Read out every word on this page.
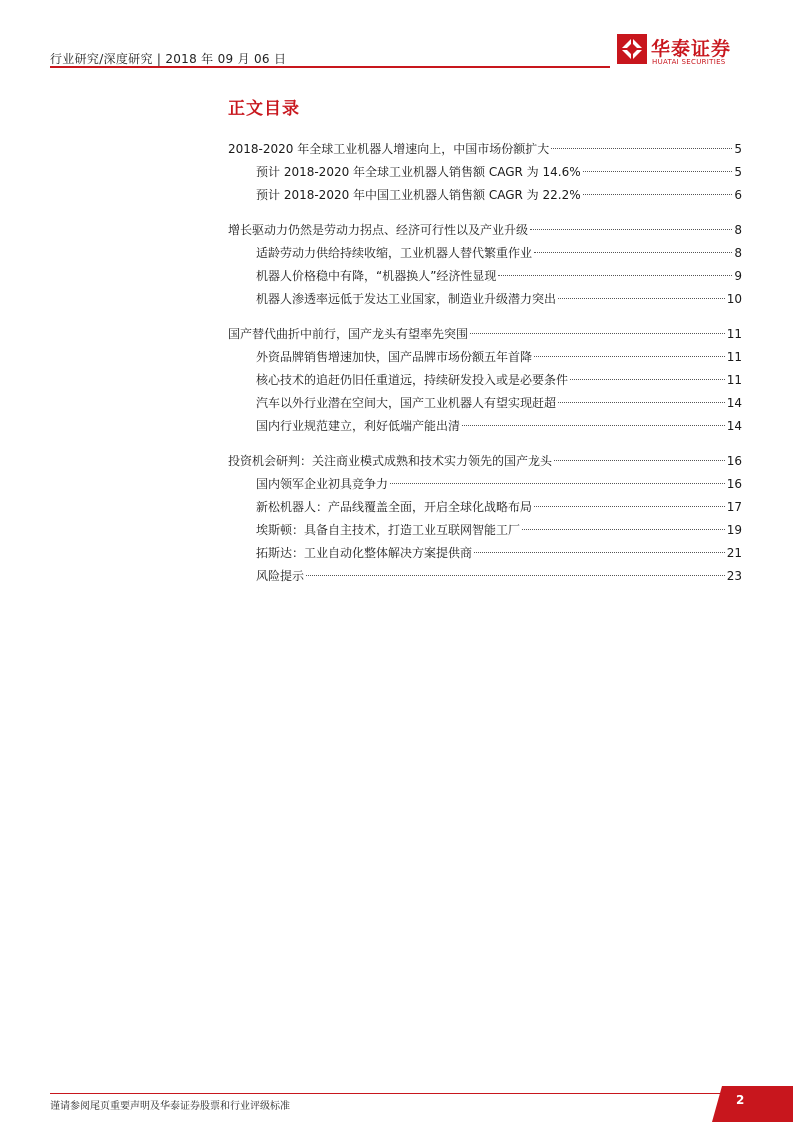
行业研究/深度研究 | 2018 年 09 月 06 日	华泰证券
HUATAI SECURITIES
正文目录
2018-2020 年全球工业机器人增速向上，中国市场份额扩大	5
预计 2018-2020 年全球工业机器人销售额 CAGR 为 14.6%	5
预计 2018-2020 年中国工业机器人销售额 CAGR 为 22.2%	6
增长驱动力仍然是劳动力拐点、经济可行性以及产业升级	8
适龄劳动力供给持续收缩，工业机器人替代繁重作业	8
机器人价格稳中有降，“机器换人”经济性显现	9
机器人渗透率远低于发达工业国家，制造业升级潜力突出	10
国产替代曲折中前行，国产龙头有望率先突围	11
外资品牌销售增速加快，国产品牌市场份额五年首降	11
核心技术的追赶仍旧任重道远，持续研发投入或是必要条件	11
汽车以外行业潜在空间大，国产工业机器人有望实现赶超	14
国内行业规范建立，利好低端产能出清	14
投资机会研判：关注商业模式成熟和技术实力领先的国产龙头	16
国内领军企业初具竞争力	16
新松机器人：产品线覆盖全面，开启全球化战略布局	17
埃斯顿：具备自主技术，打造工业互联网智能工厂	19
拓斯达：工业自动化整体解决方案提供商	21
风险提示	23
谨请参阅尾页重要声明及华泰证券股票和行业评级标准	2
